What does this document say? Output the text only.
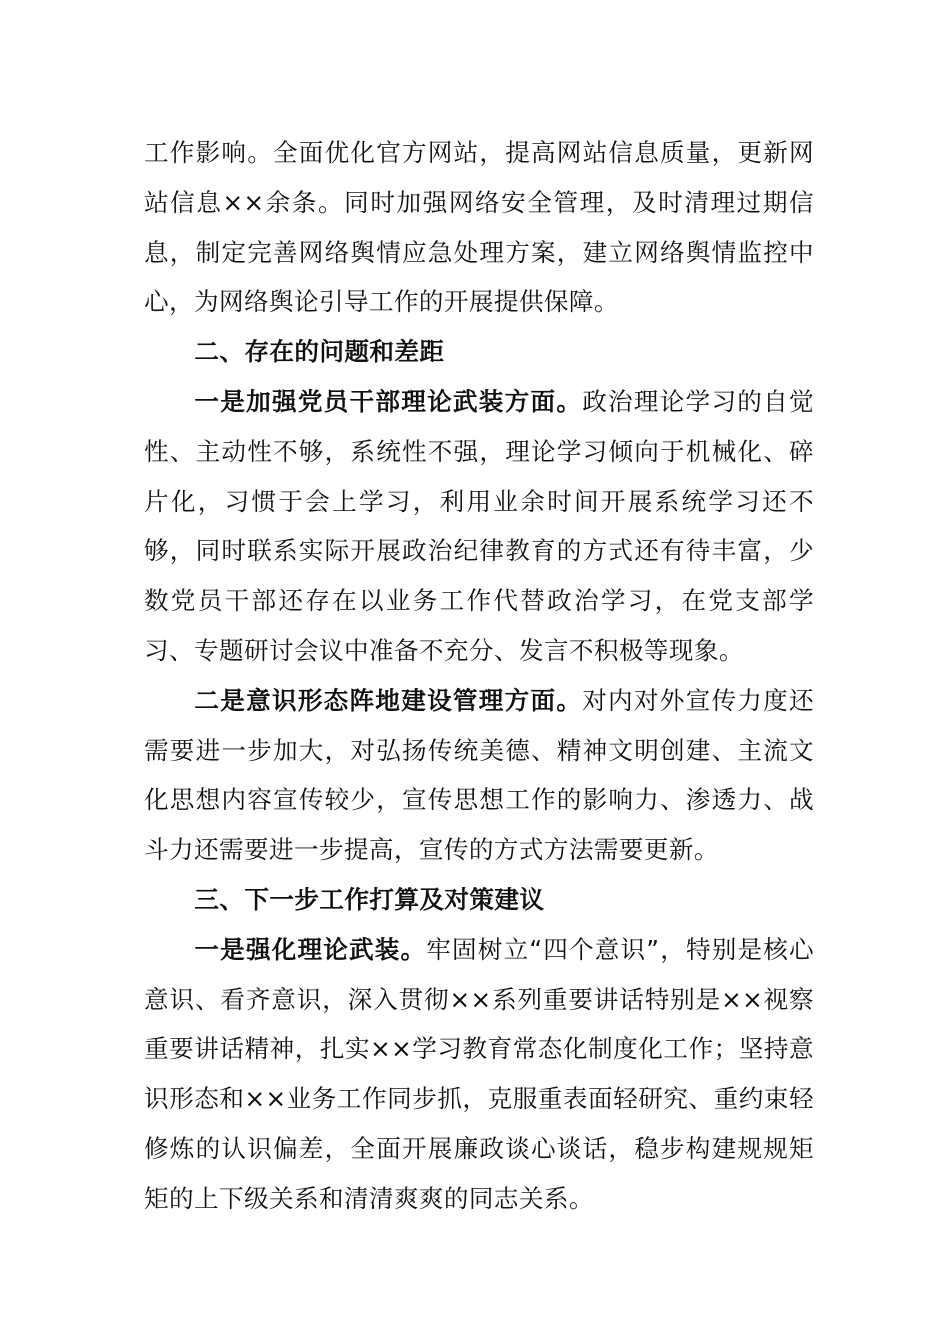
工作影响。全面优化官方网站，提高网站信息质量，更新网站信息××余条。同时加强网络安全管理，及时清理过期信息，制定完善网络舆情应急处理方案，建立网络舆情监控中心，为网络舆论引导工作的开展提供保障。

二、存在的问题和差距

一是加强党员干部理论武装方面。政治理论学习的自觉性、主动性不够，系统性不强，理论学习倾向于机械化、碎片化，习惯于会上学习，利用业余时间开展系统学习还不够，同时联系实际开展政治纪律教育的方式还有待丰富，少数党员干部还存在以业务工作代替政治学习，在党支部学习、专题研讨会议中准备不充分、发言不积极等现象。

二是意识形态阵地建设管理方面。对内对外宣传力度还需要进一步加大，对弘扬传统美德、精神文明创建、主流文化思想内容宣传较少，宣传思想工作的影响力、渗透力、战斗力还需要进一步提高，宣传的方式方法需要更新。

三、下一步工作打算及对策建议

一是强化理论武装。牢固树立“四个意识”，特别是核心意识、看齐意识，深入贯彻××系列重要讲话特别是××视察重要讲话精神，扎实××学习教育常态化制度化工作；坚持意识形态和××业务工作同步抓，克服重表面轻研究、重约束轻修炼的认识偏差，全面开展廉政谈心谈话，稳步构建规规矩矩的上下级关系和清清爽爽的同志关系。
